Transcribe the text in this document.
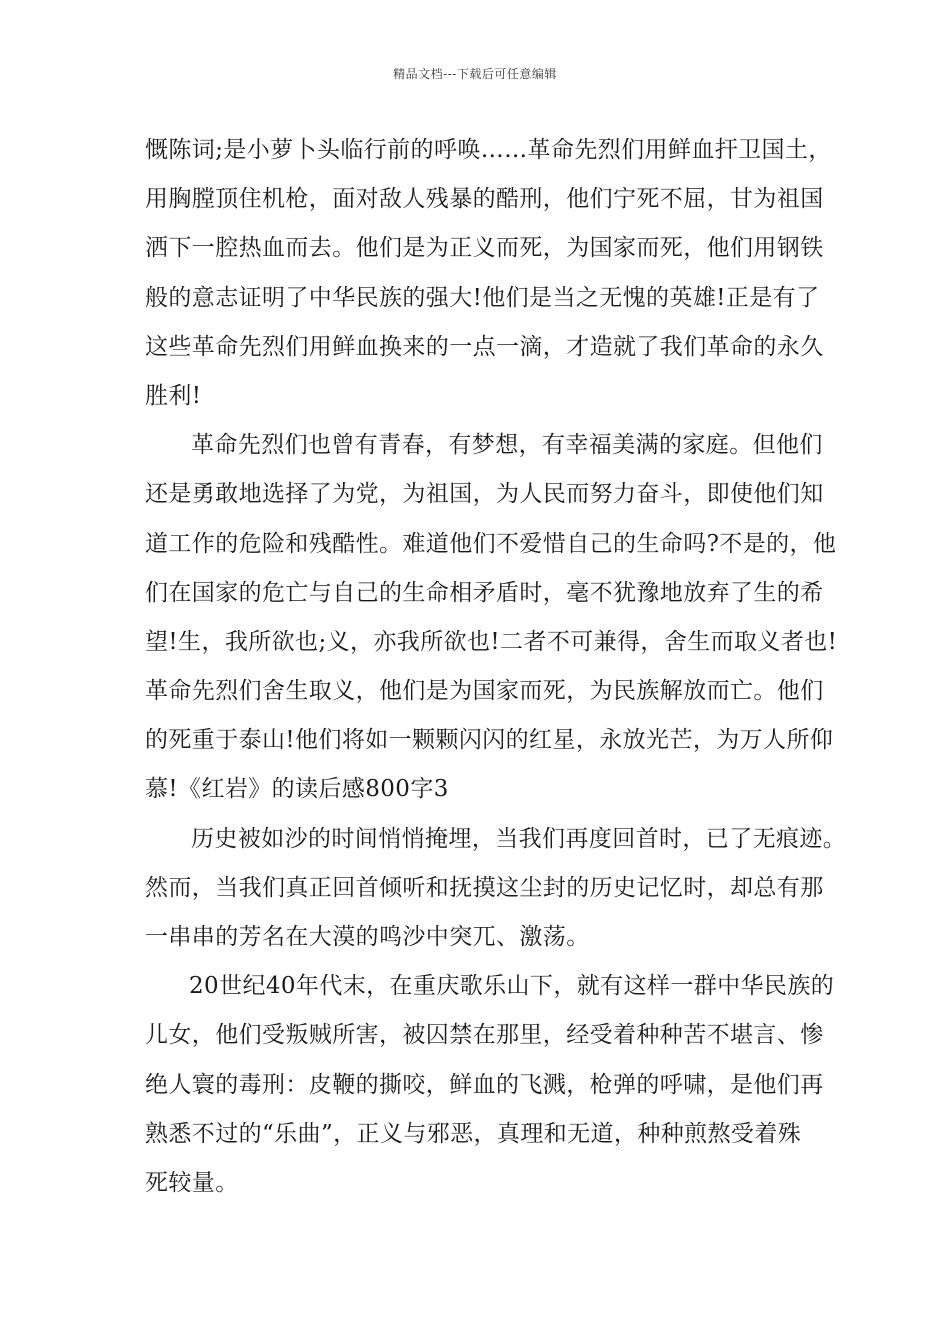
精品文档---下载后可任意编辑
慨陈词;是小萝卜头临行前的呼唤……革命先烈们用鲜血扞卫国土，
用胸膛顶住机枪，面对敌人残暴的酷刑，他们宁死不屈，甘为祖国
洒下一腔热血而去。他们是为正义而死，为国家而死，他们用钢铁
般的意志证明了中华民族的强大!他们是当之无愧的英雄!正是有了
这些革命先烈们用鲜血换来的一点一滴，才造就了我们革命的永久
胜利!
革命先烈们也曾有青春，有梦想，有幸福美满的家庭。但他们
还是勇敢地选择了为党，为祖国，为人民而努力奋斗，即使他们知
道工作的危险和残酷性。难道他们不爱惜自己的生命吗?不是的，他
们在国家的危亡与自己的生命相矛盾时，毫不犹豫地放弃了生的希
望!生，我所欲也;义，亦我所欲也!二者不可兼得，舍生而取义者也!
革命先烈们舍生取义，他们是为国家而死，为民族解放而亡。他们
的死重于泰山!他们将如一颗颗闪闪的红星，永放光芒，为万人所仰
慕!《红岩》的读后感800字3
历史被如沙的时间悄悄掩埋，当我们再度回首时，已了无痕迹。
然而，当我们真正回首倾听和抚摸这尘封的历史记忆时，却总有那
一串串的芳名在大漠的鸣沙中突兀、激荡。
20世纪40年代末，在重庆歌乐山下，就有这样一群中华民族的
儿女，他们受叛贼所害，被囚禁在那里，经受着种种苦不堪言、惨
绝人寰的毒刑：皮鞭的撕咬，鲜血的飞溅，枪弹的呼啸，是他们再
熟悉不过的“乐曲”，正义与邪恶，真理和无道，种种煎熬受着殊
死较量。
